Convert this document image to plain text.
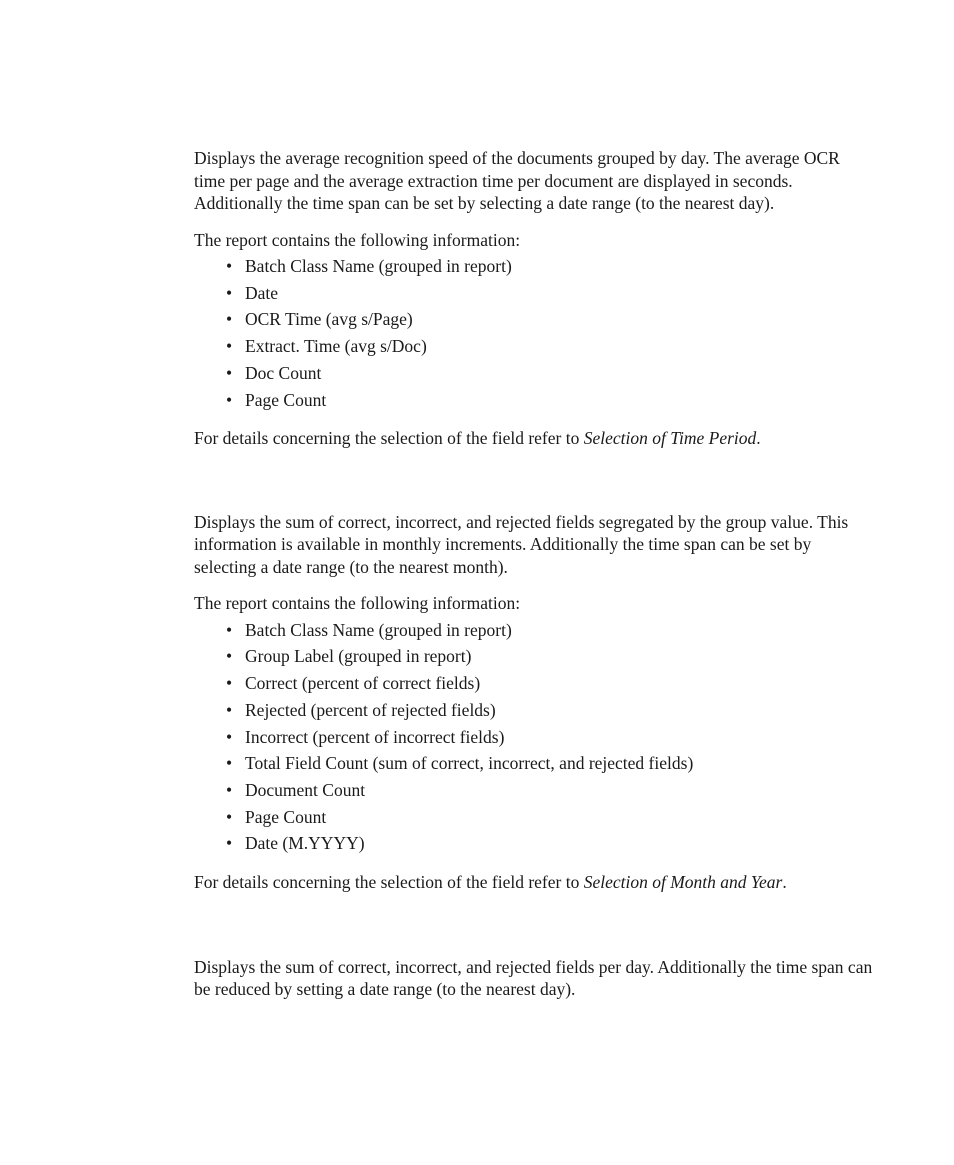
Displays the average recognition speed of the documents grouped by day. The average OCR time per page and the average extraction time per document are displayed in seconds. Additionally the time span can be set by selecting a date range (to the nearest day).

The report contains the following information:

• Batch Class Name (grouped in report)
• Date
• OCR Time (avg s/Page)
• Extract. Time (avg s/Doc)
• Doc Count
• Page Count

For details concerning the selection of the field refer to Selection of Time Period.

Displays the sum of correct, incorrect, and rejected fields segregated by the group value. This information is available in monthly increments. Additionally the time span can be set by selecting a date range (to the nearest month).

The report contains the following information:

• Batch Class Name (grouped in report)
• Group Label (grouped in report)
• Correct (percent of correct fields)
• Rejected (percent of rejected fields)
• Incorrect (percent of incorrect fields)
• Total Field Count (sum of correct, incorrect, and rejected fields)
• Document Count
• Page Count
• Date (M.YYYY)

For details concerning the selection of the field refer to Selection of Month and Year.

Displays the sum of correct, incorrect, and rejected fields per day. Additionally the time span can be reduced by setting a date range (to the nearest day).
